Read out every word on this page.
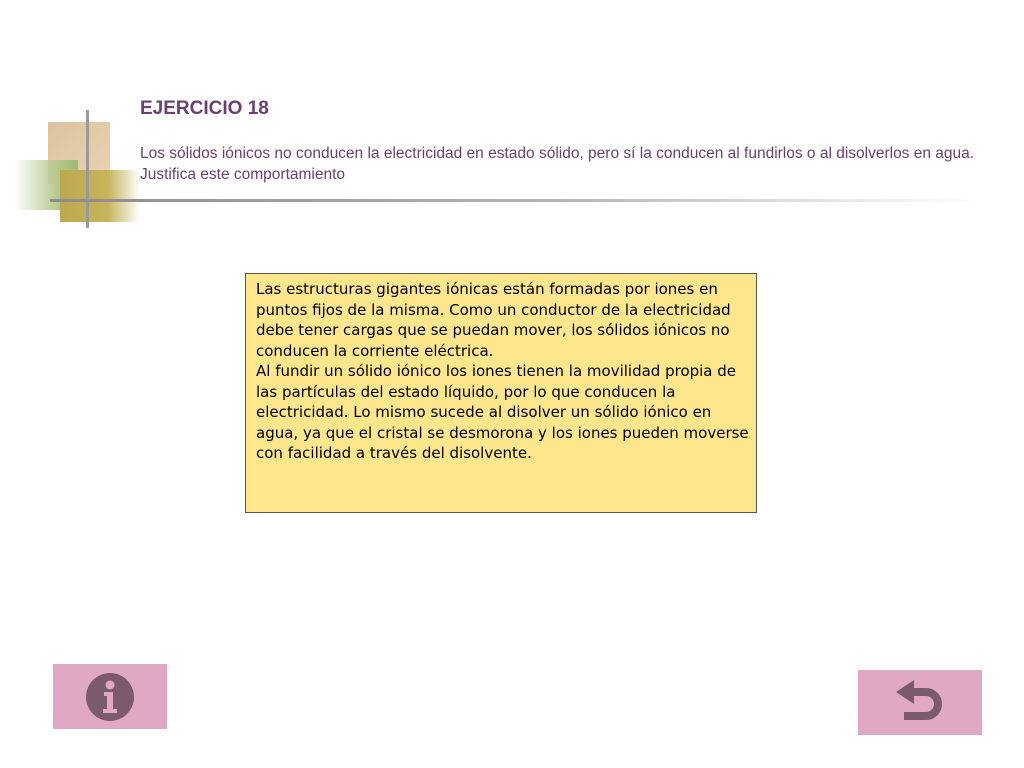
EJERCICIO 18
Los sólidos iónicos no conducen la electricidad en estado sólido, pero sí la conducen al fundirlos o al disolverlos en agua. Justifica este comportamiento

Las estructuras gigantes iónicas están formadas por iones en puntos fijos de la misma. Como un conductor de la electricidad debe tener cargas que se puedan mover, los sólidos iónicos no conducen la corriente eléctrica.

Al fundir un sólido iónico los iones tienen la movilidad propia de las partículas del estado líquido, por lo que conducen la electricidad. Lo mismo sucede al disolver un sólido iónico en agua, ya que el cristal se desmorona y los iones pueden moverse con facilidad a través del disolvente.
